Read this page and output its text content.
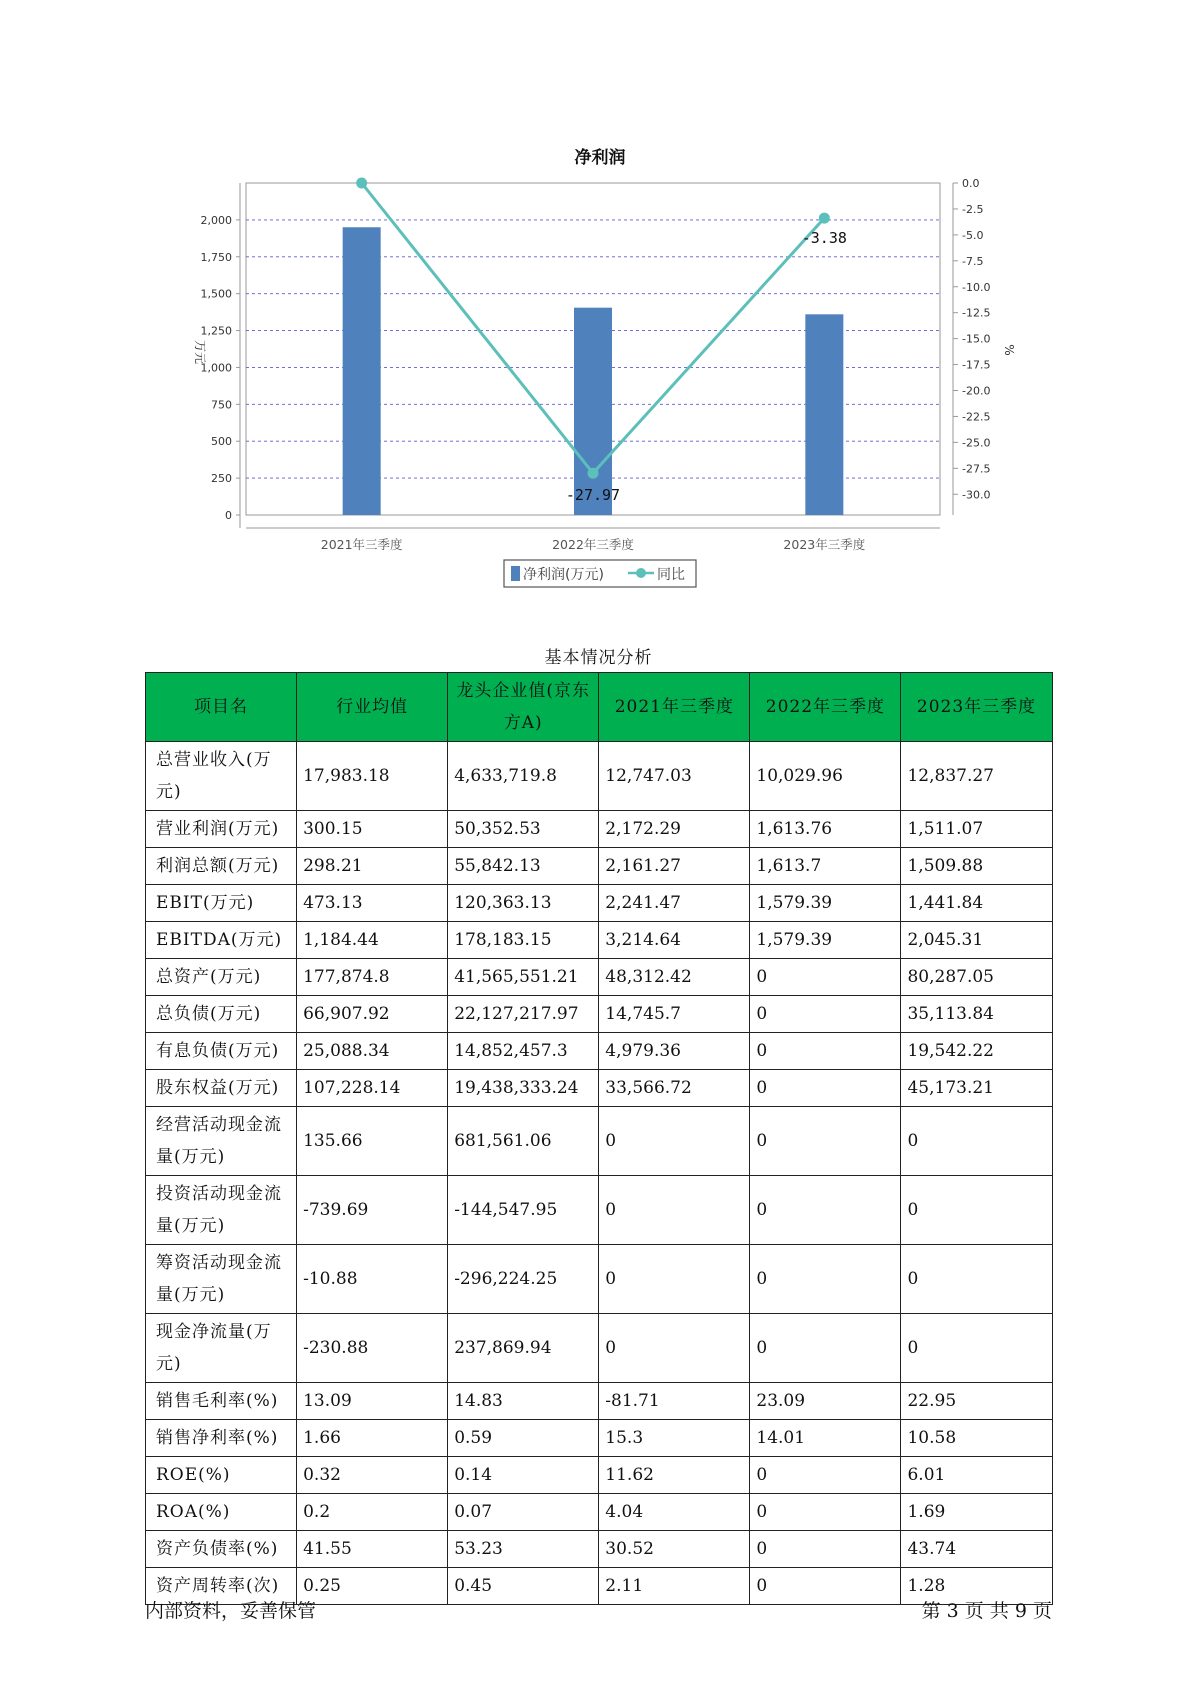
0
250
500
750
1,000
1,250
1,500
1,750
2,000
0.0
-2.5
-5.0
-7.5
-10.0
-12.5
-15.0
-17.5
-20.0
-22.5
-25.0
-27.5
-30.0
2021年三季度	2022年三季度	2023年三季度
净利润
万元	%
-27.97
-3.38
净利润(万元)	同比
基本情况分析
项目名	行业均值	龙头企业值(京东方A)	2021年三季度	2022年三季度	2023年三季度
总营业收入(万元)	17,983.18	4,633,719.8	12,747.03	10,029.96	12,837.27
营业利润(万元)	300.15	50,352.53	2,172.29	1,613.76	1,511.07
利润总额(万元)	298.21	55,842.13	2,161.27	1,613.7	1,509.88
EBIT(万元)	473.13	120,363.13	2,241.47	1,579.39	1,441.84
EBITDA(万元)	1,184.44	178,183.15	3,214.64	1,579.39	2,045.31
总资产(万元)	177,874.8	41,565,551.21	48,312.42	0	80,287.05
总负债(万元)	66,907.92	22,127,217.97	14,745.7	0	35,113.84
有息负债(万元)	25,088.34	14,852,457.3	4,979.36	0	19,542.22
股东权益(万元)	107,228.14	19,438,333.24	33,566.72	0	45,173.21
经营活动现金流量(万元)	135.66	681,561.06	0	0	0
投资活动现金流量(万元)	-739.69	-144,547.95	0	0	0
筹资活动现金流量(万元)	-10.88	-296,224.25	0	0	0
现金净流量(万元)	-230.88	237,869.94	0	0	0
销售毛利率(%)	13.09	14.83	-81.71	23.09	22.95
销售净利率(%)	1.66	0.59	15.3	14.01	10.58
ROE(%)	0.32	0.14	11.62	0	6.01
ROA(%)	0.2	0.07	4.04	0	1.69
资产负债率(%)	41.55	53.23	30.52	0	43.74
资产周转率(次)	0.25	0.45	2.11	0	1.28
内部资料，妥善保管	第 3 页 共 9 页
